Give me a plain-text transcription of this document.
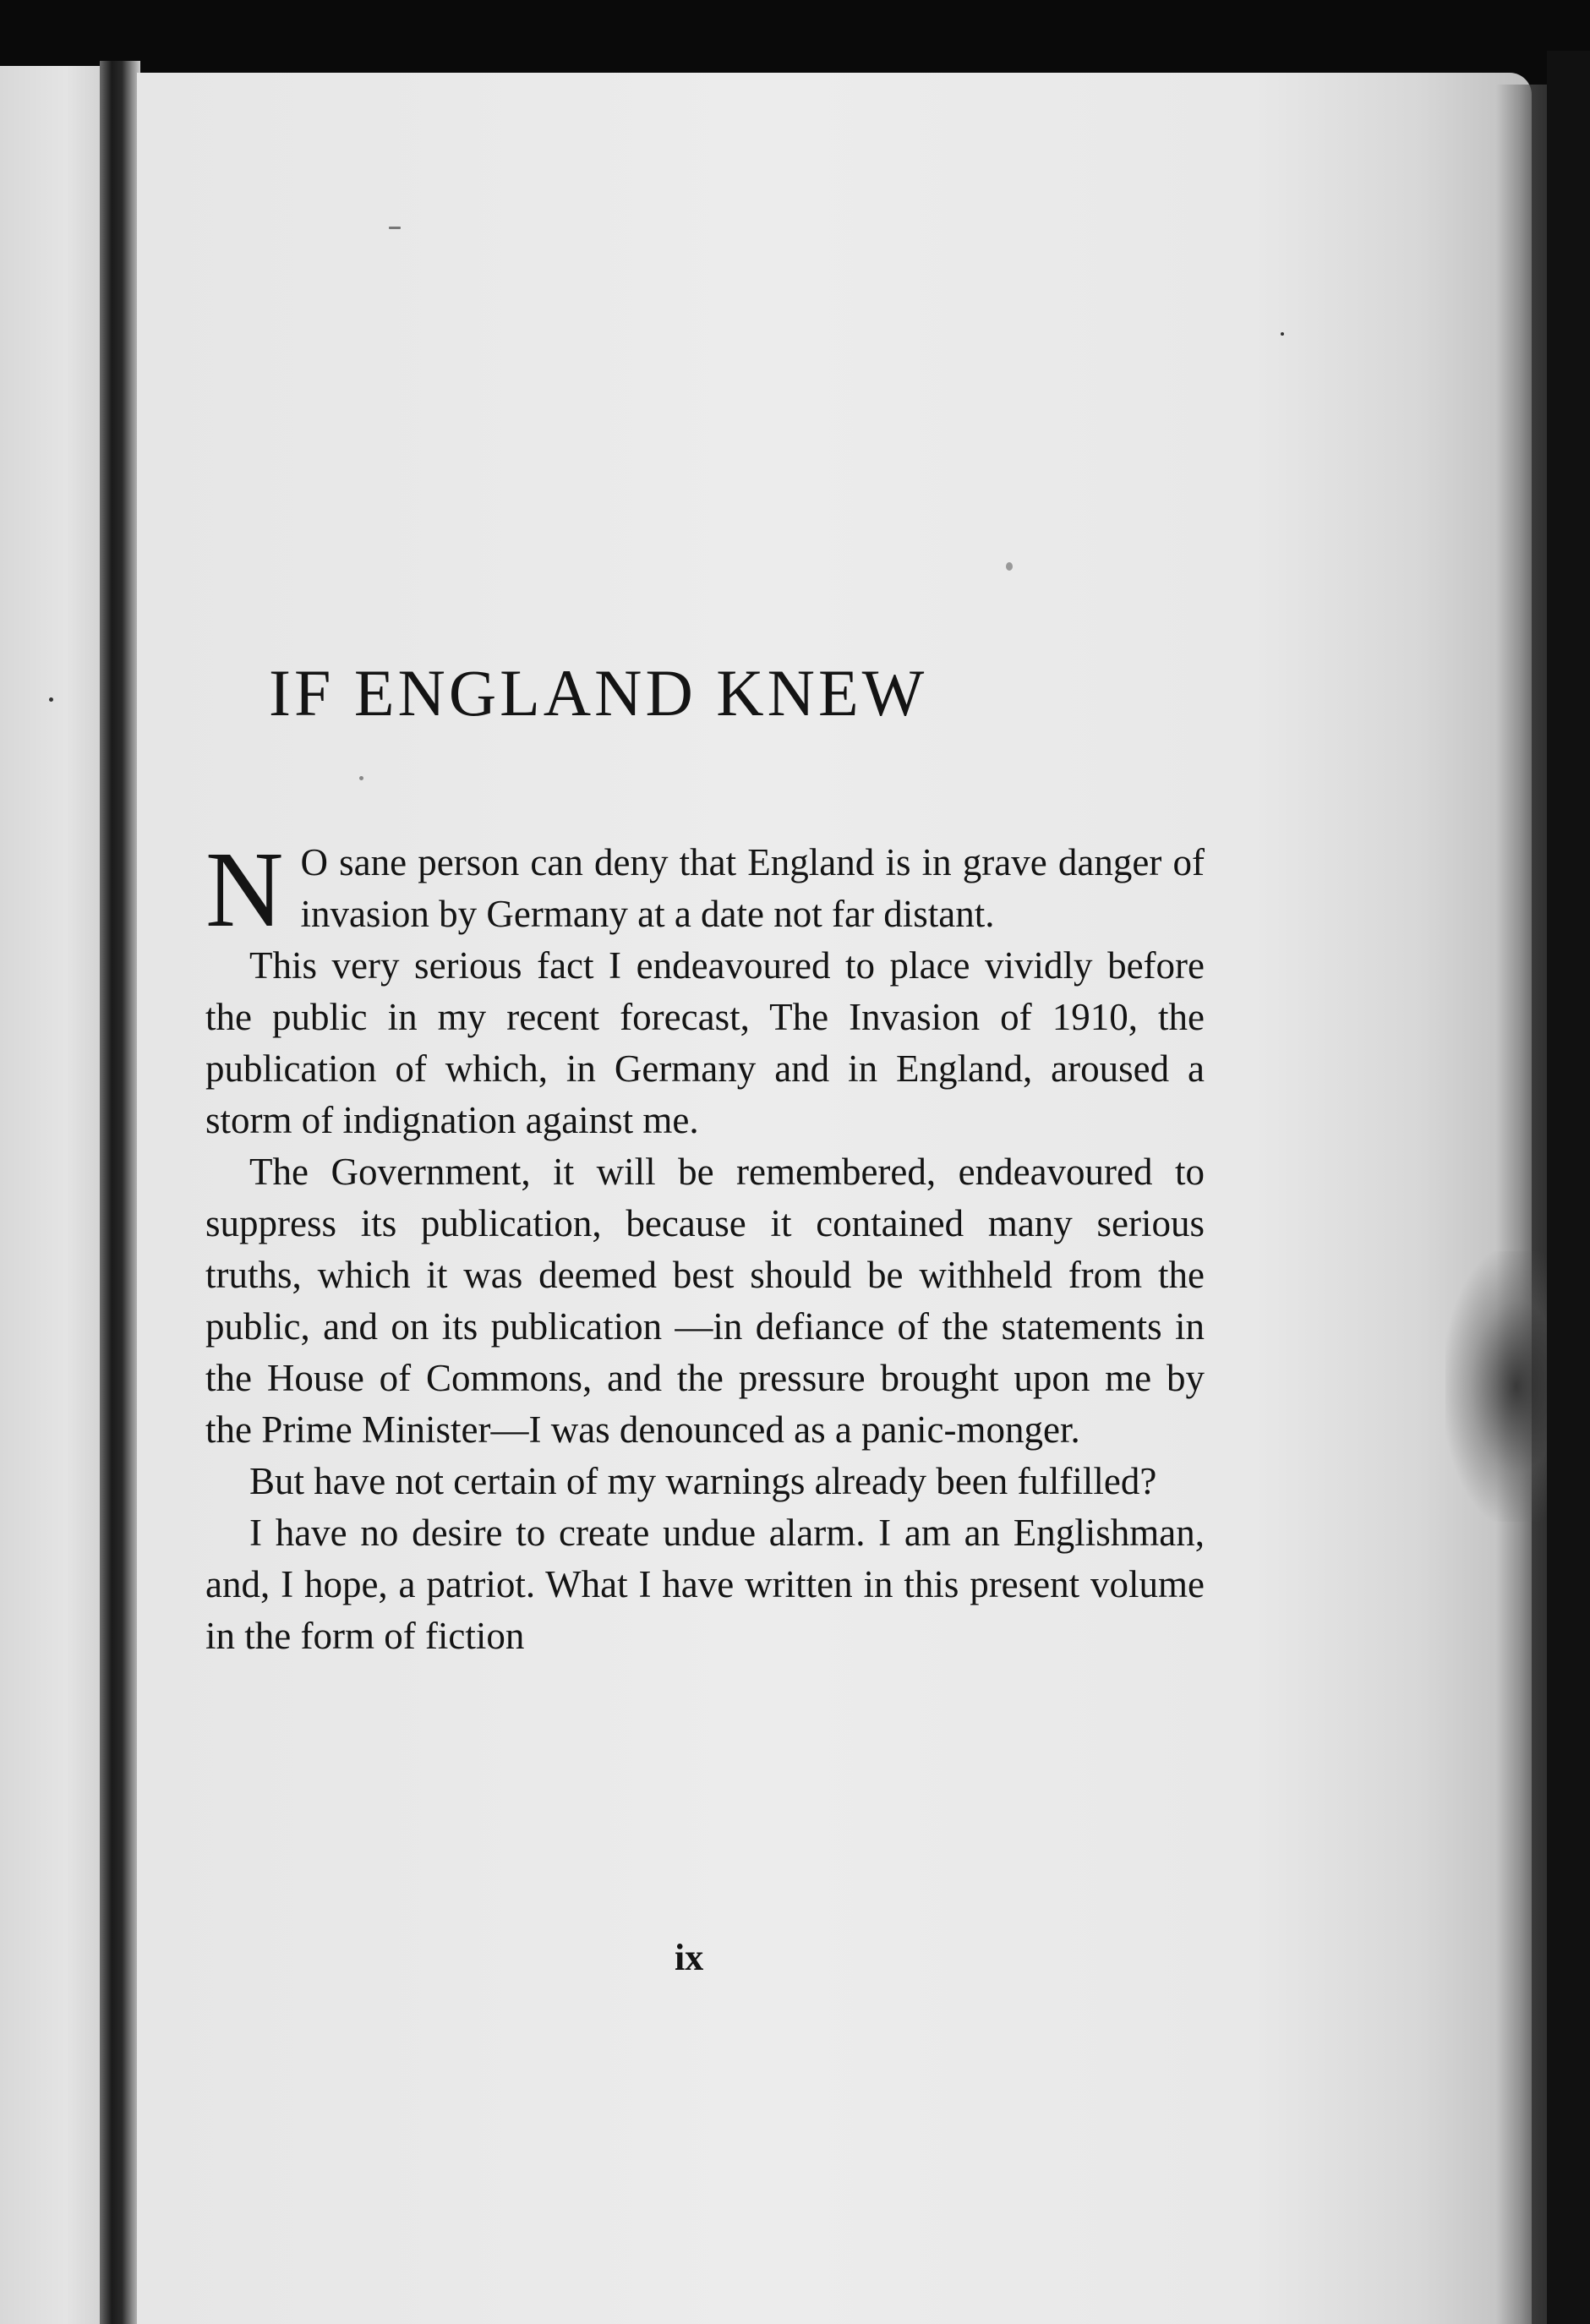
IF ENGLAND KNEW

N O sane person can deny that England is in grave danger of invasion by Germany at a date not far distant.

This very serious fact I endeavoured to place vividly before the public in my recent forecast, The Invasion of 1910, the publication of which, in Germany and in England, aroused a storm of indignation against me.

The Government, it will be remembered, endeavoured to suppress its publication, because it contained many serious truths, which it was deemed best should be withheld from the public, and on its publication —in defiance of the statements in the House of Commons, and the pressure brought upon me by the Prime Minister—I was denounced as a panic-monger.

But have not certain of my warnings already been fulfilled?

I have no desire to create undue alarm. I am an Englishman, and, I hope, a patriot. What I have written in this present volume in the form of fiction

ix
